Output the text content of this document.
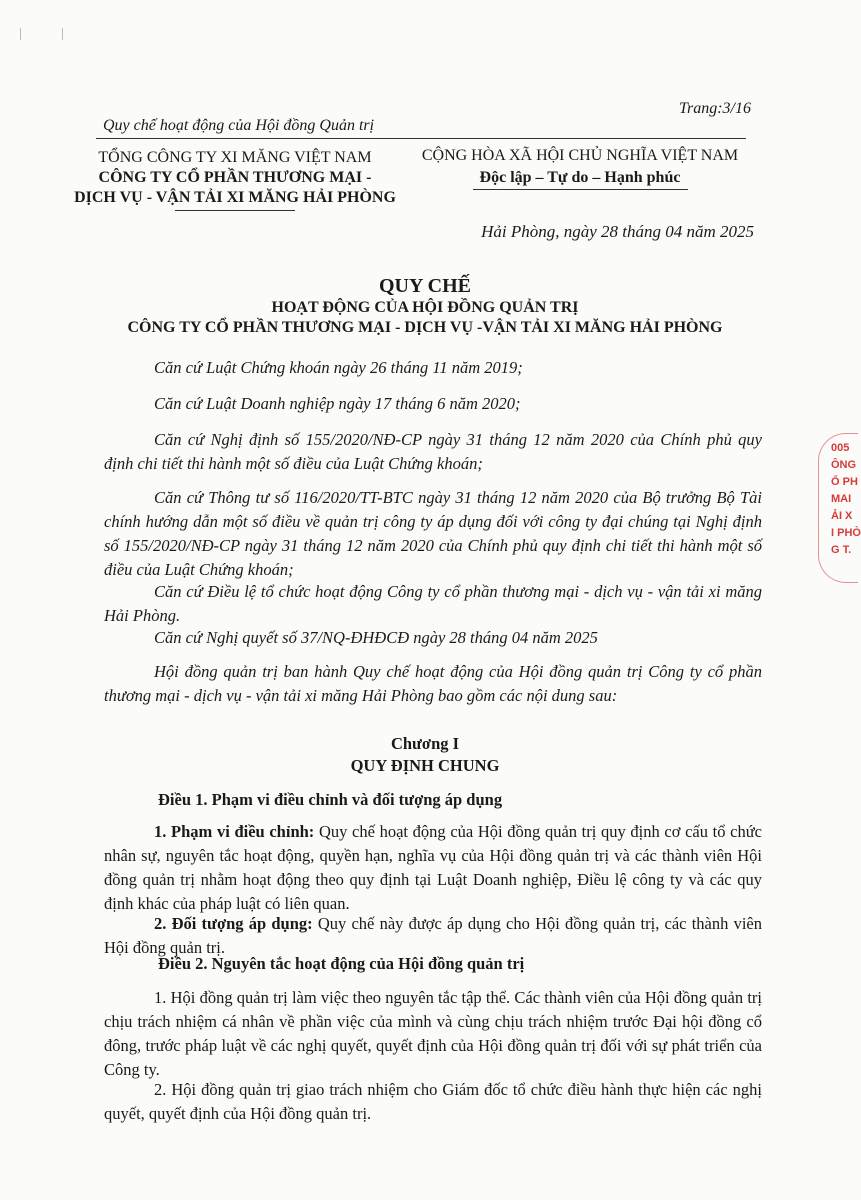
Trang:3/16
Quy chế hoạt động của Hội đồng Quản trị
TỔNG CÔNG TY XI MĂNG VIỆT NAM
CÔNG TY CỔ PHẦN THƯƠNG MẠI -
DỊCH VỤ - VẬN TẢI XI MĂNG HẢI PHÒNG
CỘNG HÒA XÃ HỘI CHỦ NGHĨA VIỆT NAM
Độc lập – Tự do – Hạnh phúc
Hải Phòng, ngày 28 tháng 04 năm 2025
QUY CHẾ
HOẠT ĐỘNG CỦA HỘI ĐỒNG QUẢN TRỊ
CÔNG TY CỔ PHẦN THƯƠNG MẠI - DỊCH VỤ -VẬN TẢI XI MĂNG HẢI PHÒNG
Căn cứ Luật Chứng khoán ngày 26 tháng 11 năm 2019;
Căn cứ Luật Doanh nghiệp ngày 17 tháng 6 năm 2020;
Căn cứ Nghị định số 155/2020/NĐ-CP ngày 31 tháng 12 năm 2020 của Chính phủ quy định chi tiết thi hành một số điều của Luật Chứng khoán;
Căn cứ Thông tư số 116/2020/TT-BTC ngày 31 tháng 12 năm 2020 của Bộ trưởng Bộ Tài chính hướng dẫn một số điều về quản trị công ty áp dụng đối với công ty đại chúng tại Nghị định số 155/2020/NĐ-CP ngày 31 tháng 12 năm 2020 của Chính phủ quy định chi tiết thi hành một số điều của Luật Chứng khoán;
Căn cứ Điều lệ tổ chức hoạt động Công ty cổ phần thương mại - dịch vụ - vận tải xi măng Hải Phòng.
Căn cứ Nghị quyết số 37/NQ-ĐHĐCĐ ngày 28 tháng 04 năm 2025
Hội đồng quản trị ban hành Quy chế hoạt động của Hội đồng quản trị Công ty cổ phần thương mại - dịch vụ - vận tải xi măng Hải Phòng bao gồm các nội dung sau:
Chương I
QUY ĐỊNH CHUNG
Điều 1. Phạm vi điều chỉnh và đối tượng áp dụng
1. Phạm vi điều chỉnh: Quy chế hoạt động của Hội đồng quản trị quy định cơ cấu tổ chức nhân sự, nguyên tắc hoạt động, quyền hạn, nghĩa vụ của Hội đồng quản trị và các thành viên Hội đồng quản trị nhằm hoạt động theo quy định tại Luật Doanh nghiệp, Điều lệ công ty và các quy định khác của pháp luật có liên quan.
2. Đối tượng áp dụng: Quy chế này được áp dụng cho Hội đồng quản trị, các thành viên Hội đồng quản trị.
Điều 2. Nguyên tắc hoạt động của Hội đồng quản trị
1. Hội đồng quản trị làm việc theo nguyên tắc tập thể. Các thành viên của Hội đồng quản trị chịu trách nhiệm cá nhân về phần việc của mình và cùng chịu trách nhiệm trước Đại hội đồng cổ đông, trước pháp luật về các nghị quyết, quyết định của Hội đồng quản trị đối với sự phát triển của Công ty.
2. Hội đồng quản trị giao trách nhiệm cho Giám đốc tổ chức điều hành thực hiện các nghị quyết, quyết định của Hội đồng quản trị.
005
ÔNG
Ổ PH
MAI
ẢI X
I PHÒ
G T.
